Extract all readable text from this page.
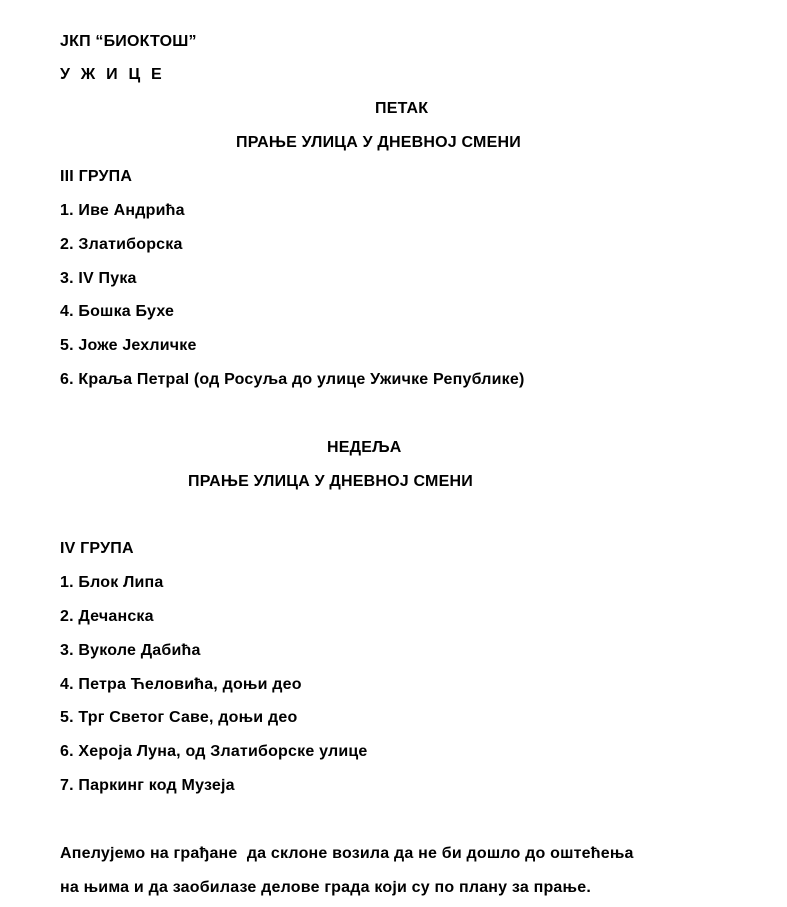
ЈКП “БИОКТОШ”
У Ж И Ц Е
ПЕТАК
ПРАЊЕ УЛИЦА У ДНЕВНОЈ СМЕНИ
III ГРУПА
1. Иве Андрића
2. Златиборска
3. IV Пука
4. Бошка Бухе
5. Јоже Јехличке
6. Краља ПетраI (од Росуља до улице Ужичке Републике)
НЕДЕЉА
ПРАЊЕ УЛИЦА У ДНЕВНОЈ СМЕНИ
IV ГРУПА
1. Блок Липа
2. Дечанска
3. Вуколе Дабића
4. Петра Ћеловића, доњи део
5. Трг Светог Саве, доњи део
6. Хероја Луна, од Златиборске улице
7. Паркинг код Музеја
Апелујемо на грађане  да склоне возила да не би дошло до оштећења
на њима и да заобилазе делове града који су по плану за прање.
